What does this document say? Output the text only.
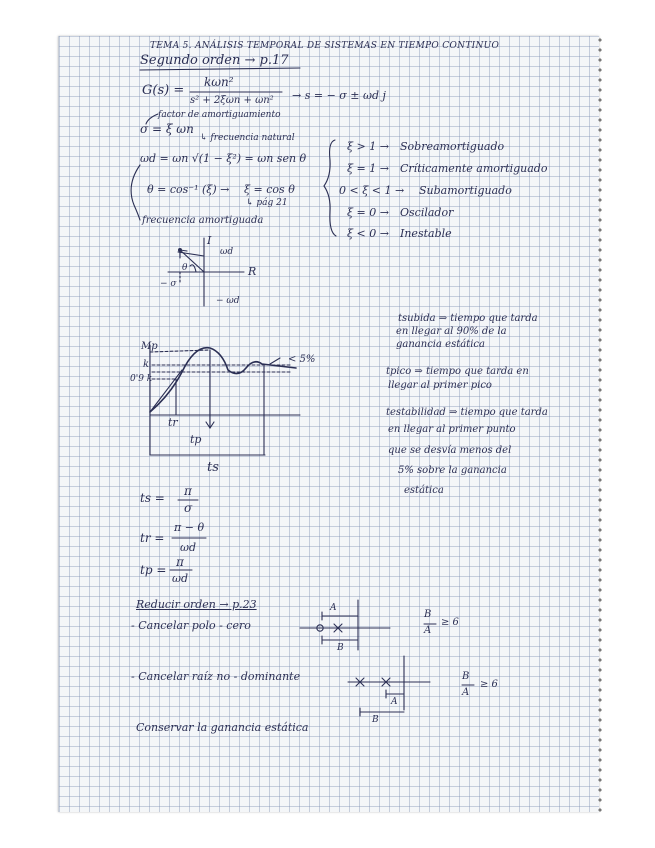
TEMA 5. ANÁLISIS TEMPORAL DE SISTEMAS EN TIEMPO CONTINUO
Segundo orden → p.17
G(s) =
kωn²
s² + 2ξωn + ωn² → s = − σ ± ωd j
factor de amortiguamiento
σ = ξ ωn
↳ frecuencia natural
ωd = ωn √(1 − ξ²) = ωn sen θ
θ = cos⁻¹ (ξ) → ξ = cos θ
↳ pág 21
frecuencia amortiguada
ξ > 1 → Sobreamortiguado
ξ = 1 → Críticamente amortiguado
0 < ξ < 1 → Subamortiguado
ξ = 0 → Oscilador
ξ < 0 → Inestable
I
ωd
R
− σ
− ωd
θ
Mp
k
0'9 k
< 5%
tr
tp
ts
tsubida ⇒ tiempo que tarda
en llegar al 90% de la
ganancia estática
tpico ⇒ tiempo que tarda en
llegar al primer pico
testabilidad ⇒ tiempo que tarda
en llegar al primer punto
que se desvía menos del
5% sobre la ganancia
estática
ts = π
σ
tr =
π − θ
ωd
tp =
π
ωd
Reducir orden → p.23
- Cancelar polo - cero
- Cancelar raíz no - dominante
Conservar la ganancia estática
A
B
B
A
≥ 6
A
B
B
A
≥ 6
